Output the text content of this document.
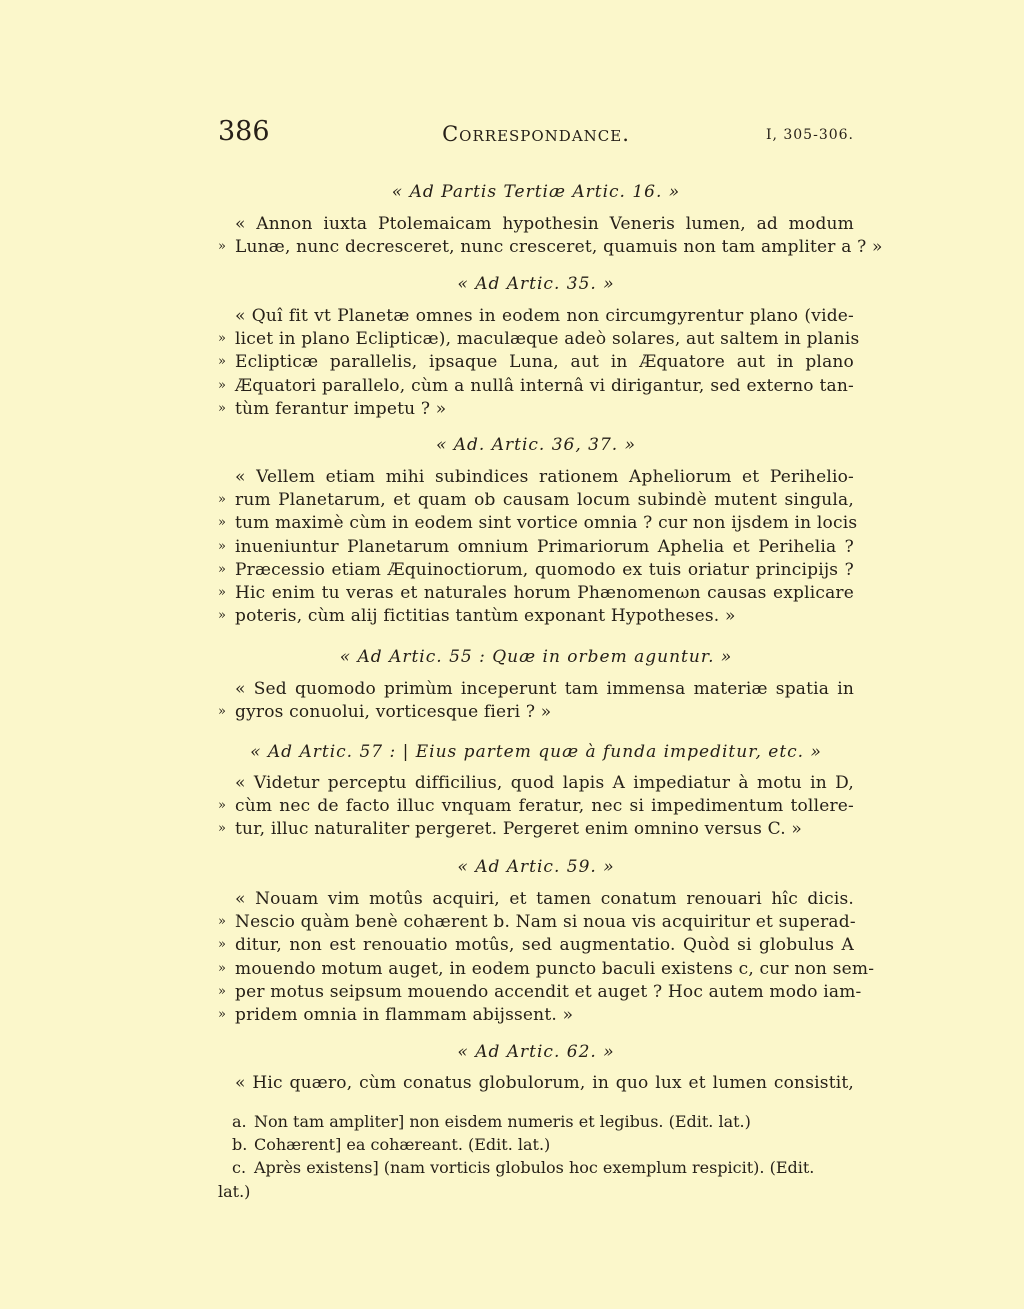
386	Correspondance.	I, 305-306.
« Ad Partis Tertiæ Artic. 16. »
« Annon iuxta Ptolemaicam hypothesin Veneris lumen, ad modum
» Lunæ, nunc decresceret, nunc cresceret, quamuis non tam ampliter a ? »
« Ad Artic. 35. »
« Quî fit vt Planetæ omnes in eodem non circumgyrentur plano (vide-
» licet in plano Eclipticæ), maculæque adeò solares, aut saltem in planis
» Eclipticæ parallelis, ipsaque Luna, aut in Æquatore aut in plano
» Æquatori parallelo, cùm a nullâ internâ vi dirigantur, sed externo tan-
» tùm ferantur impetu ? »
« Ad. Artic. 36, 37. »
« Vellem etiam mihi subindices rationem Apheliorum et Perihelio-
» rum Planetarum, et quam ob causam locum subindè mutent singula,
» tum maximè cùm in eodem sint vortice omnia ? cur non ijsdem in locis
» inueniuntur Planetarum omnium Primariorum Aphelia et Perihelia ?
» Præcessio etiam Æquinoctiorum, quomodo ex tuis oriatur principijs ?
» Hic enim tu veras et naturales horum Phænomenωn causas explicare
» poteris, cùm alij fictitias tantùm exponant Hypotheses. »
« Ad Artic. 55 : Quæ in orbem aguntur. »
« Sed quomodo primùm inceperunt tam immensa materiæ spatia in
» gyros conuolui, vorticesque fieri ? »
« Ad Artic. 57 : | Eius partem quæ à funda impeditur, etc. »
« Videtur perceptu difficilius, quod lapis A impediatur à motu in D,
» cùm nec de facto illuc vnquam feratur, nec si impedimentum tollere-
» tur, illuc naturaliter pergeret. Pergeret enim omnino versus C. »
« Ad Artic. 59. »
« Nouam vim motûs acquiri, et tamen conatum renouari hîc dicis.
» Nescio quàm benè cohærent b. Nam si noua vis acquiritur et superad-
» ditur, non est renouatio motûs, sed augmentatio. Quòd si globulus A
» mouendo motum auget, in eodem puncto baculi existens c, cur non sem-
» per motus seipsum mouendo accendit et auget ? Hoc autem modo iam-
» pridem omnia in flammam abijssent. »
« Ad Artic. 62. »
« Hic quæro, cùm conatus globulorum, in quo lux et lumen consistit,
a. Non tam ampliter] non eisdem numeris et legibus. (Edit. lat.)
b. Cohærent] ea cohæreant. (Edit. lat.)
c. Après existens] (nam vorticis globulos hoc exemplum respicit). (Edit.
lat.)
